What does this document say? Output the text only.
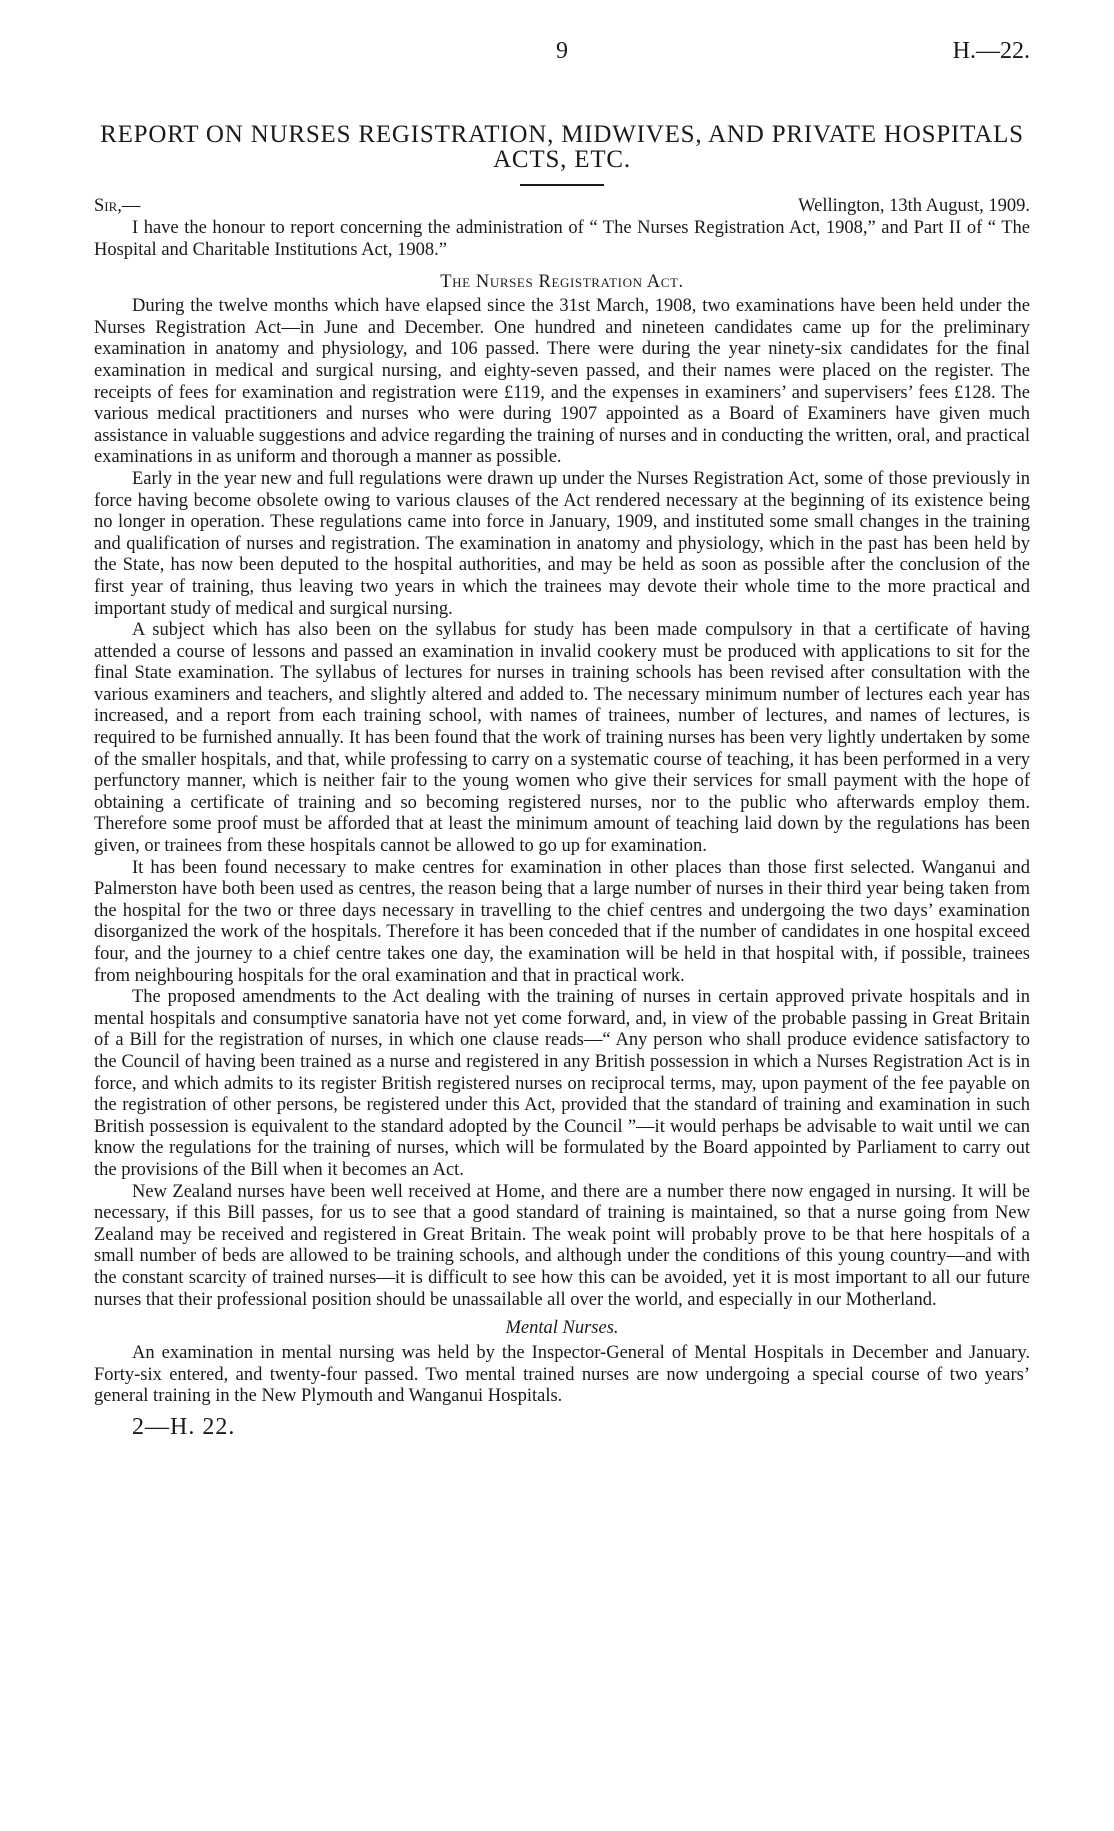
9	H.—22.
REPORT ON NURSES REGISTRATION, MIDWIVES, AND PRIVATE HOSPITALS ACTS, ETC.
Sir,—	Wellington, 13th August, 1909.

I have the honour to report concerning the administration of “ The Nurses Registration Act, 1908,” and Part II of “ The Hospital and Charitable Institutions Act, 1908.”

The Nurses Registration Act.

During the twelve months which have elapsed since the 31st March, 1908, two examinations have been held under the Nurses Registration Act—in June and December. One hundred and nineteen candidates came up for the preliminary examination in anatomy and physiology, and 106 passed. There were during the year ninety-six candidates for the final examination in medical and surgical nursing, and eighty-seven passed, and their names were placed on the register. The receipts of fees for examination and registration were £119, and the expenses in examiners’ and supervisers’ fees £128. The various medical practitioners and nurses who were during 1907 appointed as a Board of Examiners have given much assistance in valuable suggestions and advice regarding the training of nurses and in conducting the written, oral, and practical examinations in as uniform and thorough a manner as possible.

Early in the year new and full regulations were drawn up under the Nurses Registration Act, some of those previously in force having become obsolete owing to various clauses of the Act rendered necessary at the beginning of its existence being no longer in operation. These regulations came into force in January, 1909, and instituted some small changes in the training and qualification of nurses and registration. The examination in anatomy and physiology, which in the past has been held by the State, has now been deputed to the hospital authorities, and may be held as soon as possible after the conclusion of the first year of training, thus leaving two years in which the trainees may devote their whole time to the more practical and important study of medical and surgical nursing.

A subject which has also been on the syllabus for study has been made compulsory in that a certificate of having attended a course of lessons and passed an examination in invalid cookery must be produced with applications to sit for the final State examination. The syllabus of lectures for nurses in training schools has been revised after consultation with the various examiners and teachers, and slightly altered and added to. The necessary minimum number of lectures each year has increased, and a report from each training school, with names of trainees, number of lectures, and names of lectures, is required to be furnished annually. It has been found that the work of training nurses has been very lightly undertaken by some of the smaller hospitals, and that, while professing to carry on a systematic course of teaching, it has been performed in a very perfunctory manner, which is neither fair to the young women who give their services for small payment with the hope of obtaining a certificate of training and so becoming registered nurses, nor to the public who afterwards employ them. Therefore some proof must be afforded that at least the minimum amount of teaching laid down by the regulations has been given, or trainees from these hospitals cannot be allowed to go up for examination.

It has been found necessary to make centres for examination in other places than those first selected. Wanganui and Palmerston have both been used as centres, the reason being that a large number of nurses in their third year being taken from the hospital for the two or three days necessary in travelling to the chief centres and undergoing the two days’ examination disorganized the work of the hospitals. Therefore it has been conceded that if the number of candidates in one hospital exceed four, and the journey to a chief centre takes one day, the examination will be held in that hospital with, if possible, trainees from neighbouring hospitals for the oral examination and that in practical work.

The proposed amendments to the Act dealing with the training of nurses in certain approved private hospitals and in mental hospitals and consumptive sanatoria have not yet come forward, and, in view of the probable passing in Great Britain of a Bill for the registration of nurses, in which one clause reads—“ Any person who shall produce evidence satisfactory to the Council of having been trained as a nurse and registered in any British possession in which a Nurses Registration Act is in force, and which admits to its register British registered nurses on reciprocal terms, may, upon payment of the fee payable on the registration of other persons, be registered under this Act, provided that the standard of training and examination in such British possession is equivalent to the standard adopted by the Council ”—it would perhaps be advisable to wait until we can know the regulations for the training of nurses, which will be formulated by the Board appointed by Parliament to carry out the provisions of the Bill when it becomes an Act.

New Zealand nurses have been well received at Home, and there are a number there now engaged in nursing. It will be necessary, if this Bill passes, for us to see that a good standard of training is maintained, so that a nurse going from New Zealand may be received and registered in Great Britain. The weak point will probably prove to be that here hospitals of a small number of beds are allowed to be training schools, and although under the conditions of this young country—and with the constant scarcity of trained nurses—it is difficult to see how this can be avoided, yet it is most important to all our future nurses that their professional position should be unassailable all over the world, and especially in our Motherland.

Mental Nurses.

An examination in mental nursing was held by the Inspector-General of Mental Hospitals in December and January. Forty-six entered, and twenty-four passed. Two mental trained nurses are now undergoing a special course of two years’ general training in the New Plymouth and Wanganui Hospitals.

2—H. 22.
